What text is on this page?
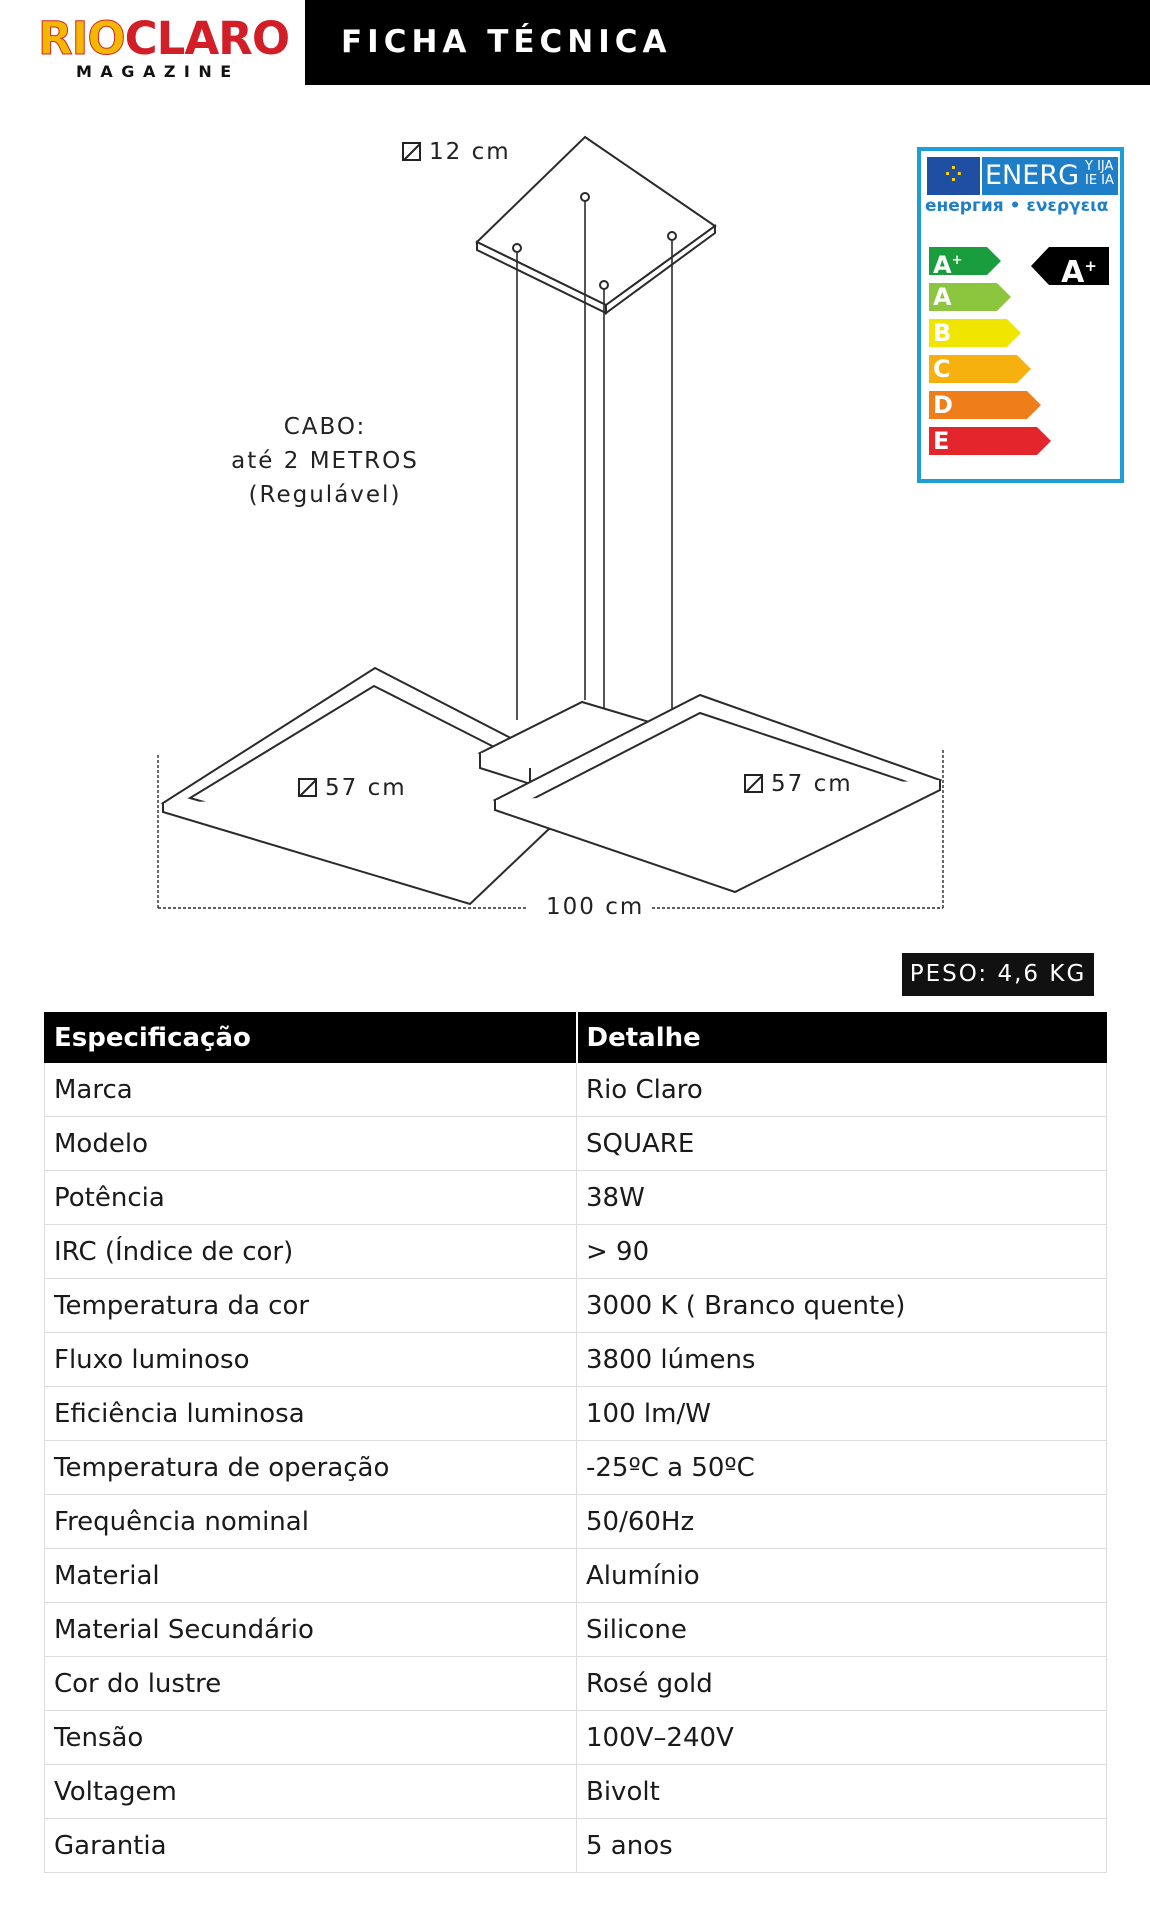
RIOCLARO
MAGAZINE
FICHA TÉCNICA
12 cm
CABO:
até 2 METROS
(Regulável)
57 cm	57 cm
100 cm
⁘ ENERG Y IJA IE IA
енергия • ενεργεια
A+
A
B
C
D
E
A+
PESO: 4,6 KG
Especificação	Detalhe
Marca	Rio Claro
Modelo	SQUARE
Potência	38W
IRC (Índice de cor)	> 90
Temperatura da cor	3000 K ( Branco quente)
Fluxo luminoso	3800 lúmens
Eficiência luminosa	100 lm/W
Temperatura de operação	-25ºC a 50ºC
Frequência nominal	50/60Hz
Material	Alumínio
Material Secundário	Silicone
Cor do lustre	Rosé gold
Tensão	100V–240V
Voltagem	Bivolt
Garantia	5 anos
